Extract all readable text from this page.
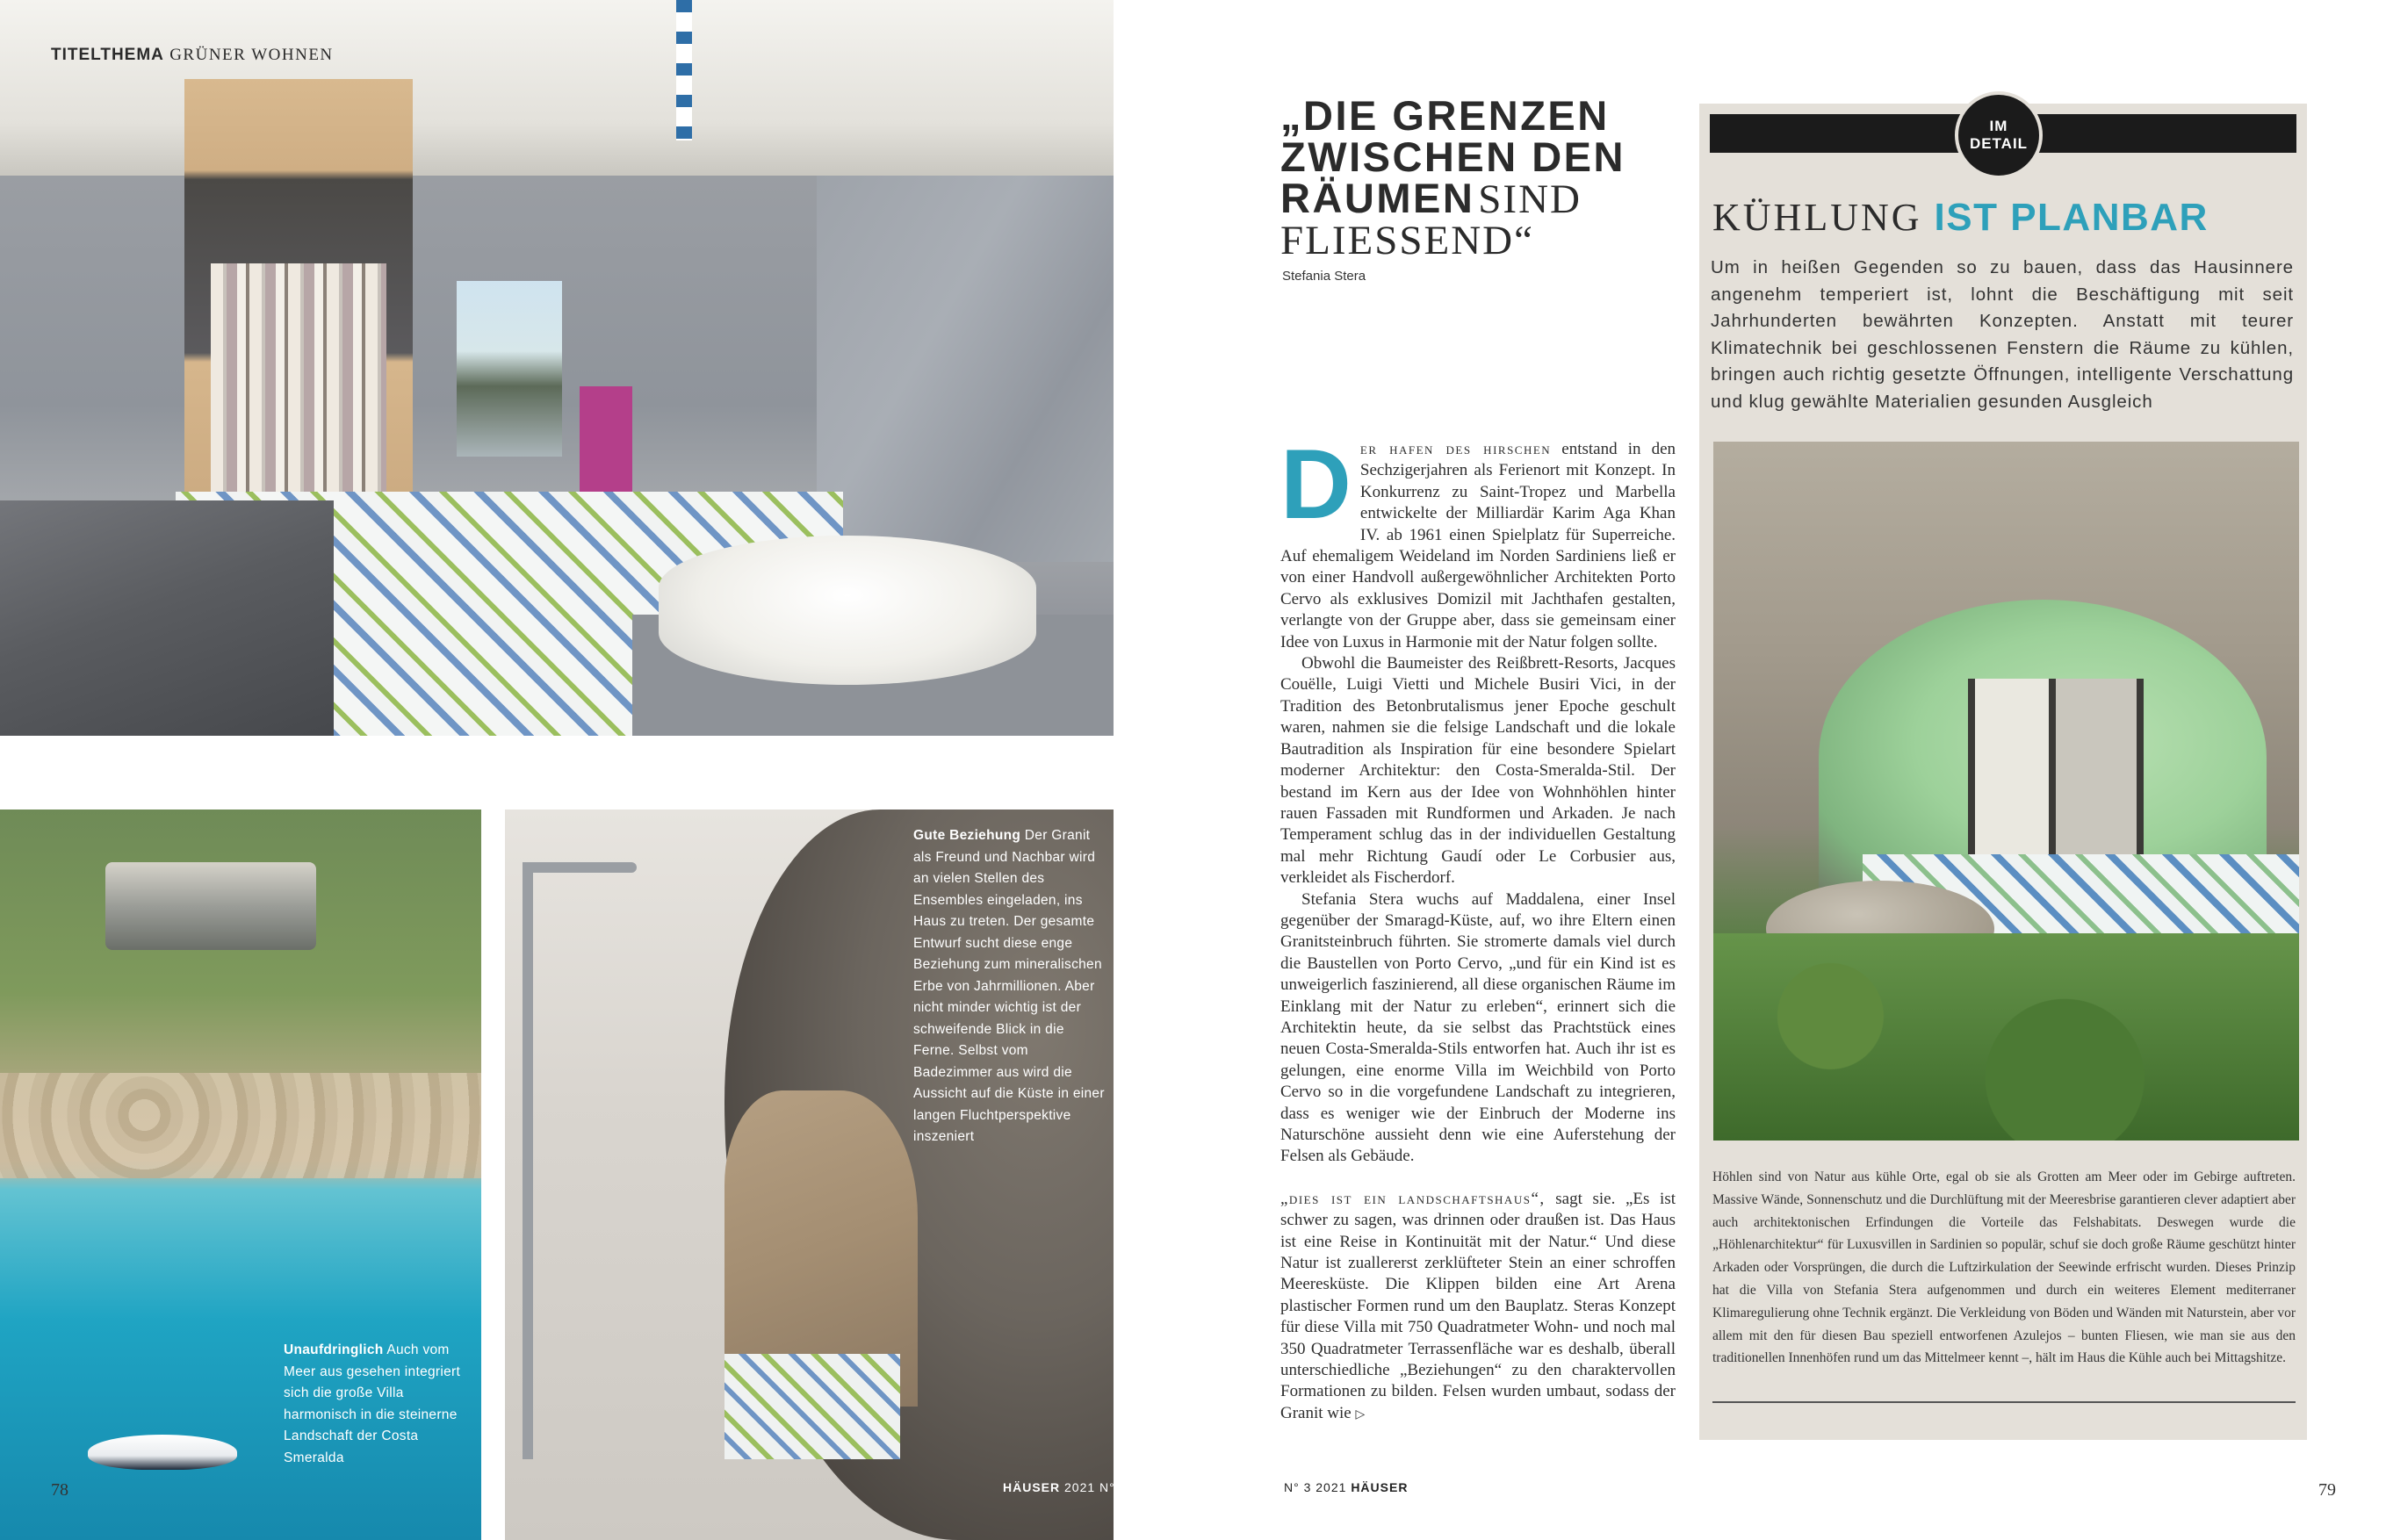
TITELTHEMA GRÜNER WOHNEN
Gute Beziehung Der Granit als Freund und Nachbar wird an vielen Stellen des Ensembles eingeladen, ins Haus zu treten. Der gesamte Entwurf sucht diese enge Beziehung zum mineralischen Erbe von Jahrmillionen. Aber nicht minder wichtig ist der schweifende Blick in die Ferne. Selbst vom Badezimmer aus wird die Aussicht auf die Küste in einer langen Fluchtperspektive inszeniert
Unaufdringlich Auch vom Meer aus gesehen integriert sich die große Villa harmonisch in die steinerne Landschaft der Costa Smeralda
78	HÄUSER 2021 N°3
„DIE GRENZEN
ZWISCHEN DEN
RÄUMEN SIND
FLIESSEND“
Stefania Stera

D er hafen des hirschen entstand in den Sechzigerjahren als Ferienort mit Konzept. In Konkurrenz zu Saint-Tropez und Marbella entwickelte der Milliardär Karim Aga Khan IV. ab 1961 einen Spielplatz für Superreiche. Auf ehemaligem Weideland im Norden Sardiniens ließ er von einer Handvoll außergewöhnlicher Architekten Porto Cervo als exklusives Domizil mit Jachthafen gestalten, verlangte von der Gruppe aber, dass sie gemeinsam einer Idee von Luxus in Harmonie mit der Natur folgen sollte.

Obwohl die Baumeister des Reißbrett-Resorts, Jacques Couëlle, Luigi Vietti und Michele Busiri Vici, in der Tradition des Betonbrutalismus jener Epoche geschult waren, nahmen sie die felsige Landschaft und die lokale Bautradition als Inspiration für eine besondere Spielart moderner Architektur: den Costa-Smeralda-Stil. Der bestand im Kern aus der Idee von Wohnhöhlen hinter rauen Fassaden mit Rundformen und Arkaden. Je nach Temperament schlug das in der individuellen Gestaltung mal mehr Richtung Gaudí oder Le Corbusier aus, verkleidet als Fischerdorf.

Stefania Stera wuchs auf Maddalena, einer Insel gegenüber der Smaragd-Küste, auf, wo ihre Eltern einen Granitsteinbruch führten. Sie stromerte damals viel durch die Baustellen von Porto Cervo, „und für ein Kind ist es unweigerlich faszinierend, all diese organischen Räume im Einklang mit der Natur zu erleben“, erinnert sich die Architektin heute, da sie selbst das Prachtstück eines neuen Costa-Smeralda-Stils entworfen hat. Auch ihr ist es gelungen, eine enorme Villa im Weichbild von Porto Cervo so in die vorgefundene Landschaft zu integrieren, dass es weniger wie der Einbruch der Moderne ins Naturschöne aussieht denn wie eine Auferstehung der Felsen als Gebäude.

„dies ist ein landschaftshaus“, sagt sie. „Es ist schwer zu sagen, was drinnen oder draußen ist. Das Haus ist eine Reise in Kontinuität mit der Natur.“ Und diese Natur ist zuallererst zerklüfteter Stein an einer schroffen Meeresküste. Die Klippen bilden eine Art Arena plastischer Formen rund um den Bauplatz. Steras Konzept für diese Villa mit 750 Quadratmeter Wohn- und noch mal 350 Quadratmeter Terrassenfläche war es deshalb, überall unterschiedliche „Beziehungen“ zu den charaktervollen Formationen zu bilden. Felsen wurden umbaut, sodass der Granit wie ▷

IM
DETAIL
KÜHLUNG IST PLANBAR
Um in heißen Gegenden so zu bauen, dass das Hausinnere angenehm temperiert ist, lohnt die Beschäftigung mit seit Jahrhunderten bewährten Konzepten. Anstatt mit teurer Klimatechnik bei geschlossenen Fenstern die Räume zu kühlen, bringen auch richtig gesetzte Öffnungen, intelligente Verschattung und klug gewählte Materialien gesunden Ausgleich
Höhlen sind von Natur aus kühle Orte, egal ob sie als Grotten am Meer oder im Gebirge auftreten. Massive Wände, Sonnenschutz und die Durchlüftung mit der Meeresbrise garantieren clever adaptiert aber auch architektonischen Erfindungen die Vorteile das Felshabitats. Deswegen wurde die „Höhlenarchitektur“ für Luxusvillen in Sardinien so populär, schuf sie doch große Räume geschützt hinter Arkaden oder Vorsprüngen, die durch die Luftzirkulation der Seewinde erfrischt wurden. Dieses Prinzip hat die Villa von Stefania Stera aufgenommen und durch ein weiteres Element mediterraner Klimaregulierung ohne Technik ergänzt. Die Verkleidung von Böden und Wänden mit Naturstein, aber vor allem mit den für diesen Bau speziell entworfenen Azulejos – bunten Fliesen, wie man sie aus den traditionellen Innenhöfen rund um das Mittelmeer kennt –, hält im Haus die Kühle auch bei Mittagshitze.
N° 3 2021 HÄUSER	79
